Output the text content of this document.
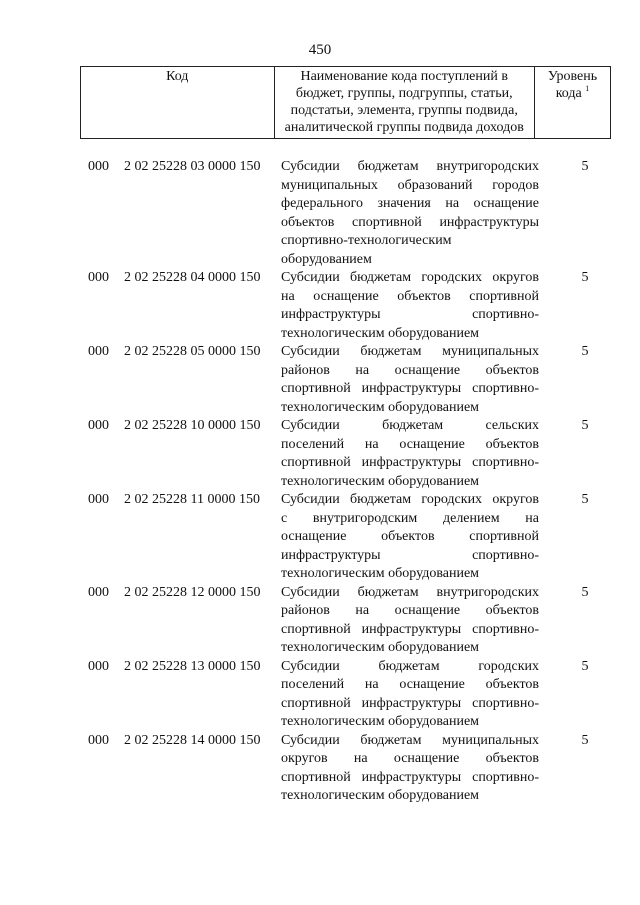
450
Код	Наименование кода поступлений в
бюджет, группы, подгруппы, статьи,
подстатьи, элемента, группы подвида,
аналитической группы подвида доходов

Уровень
кода $^1$
000	2 02 25228 03 0000 150	Субсидии бюджетам внутригородских
муниципальных образований городов
федерального значения на оснащение
объектов спортивной инфраструктуры
спортивно-технологическим
оборудованием
5
000	2 02 25228 04 0000 150	Субсидии бюджетам городских округов
на оснащение объектов спортивной
инфраструктуры спортивно-
технологическим оборудованием
5
000	2 02 25228 05 0000 150	Субсидии бюджетам муниципальных
районов на оснащение объектов
спортивной инфраструктуры спортивно-
технологическим оборудованием
5
000	2 02 25228 10 0000 150	Субсидии бюджетам сельских
поселений на оснащение объектов
спортивной инфраструктуры спортивно-
технологическим оборудованием
5
000	2 02 25228 11 0000 150	Субсидии бюджетам городских округов
с внутригородским делением на
оснащение объектов спортивной
инфраструктуры спортивно-
технологическим оборудованием
5
000	2 02 25228 12 0000 150	Субсидии бюджетам внутригородских
районов на оснащение объектов
спортивной инфраструктуры спортивно-
технологическим оборудованием
5
000	2 02 25228 13 0000 150	Субсидии бюджетам городских
поселений на оснащение объектов
спортивной инфраструктуры спортивно-
технологическим оборудованием
5
000	2 02 25228 14 0000 150	Субсидии бюджетам муниципальных
округов на оснащение объектов
спортивной инфраструктуры спортивно-
технологическим оборудованием
5
